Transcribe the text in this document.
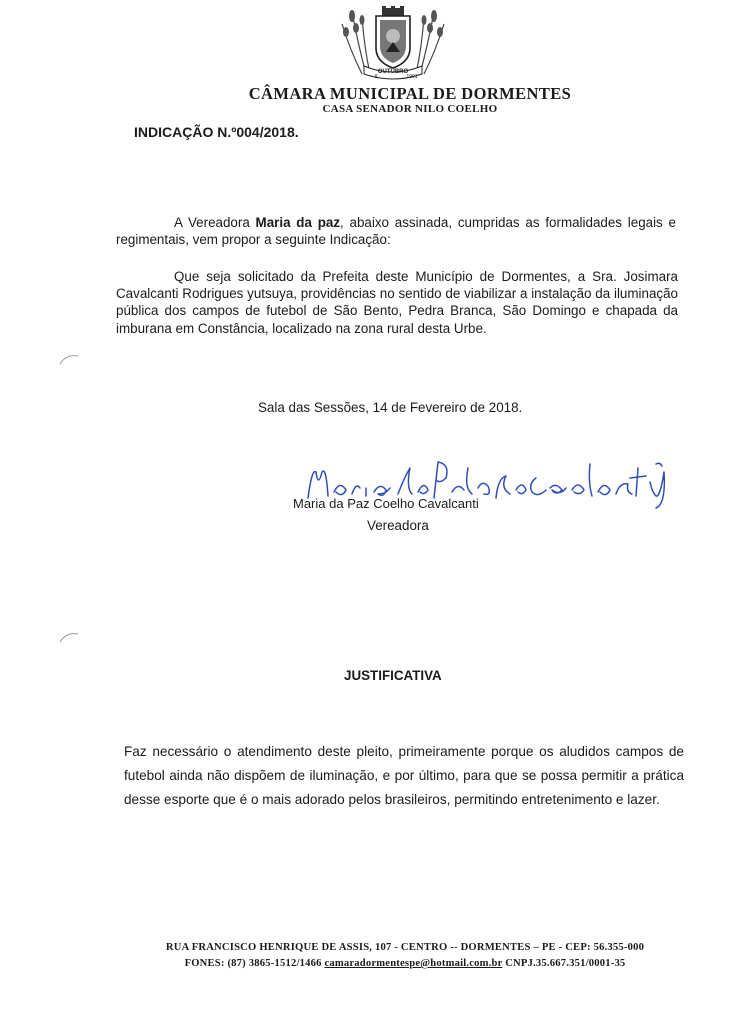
OUTUBRO
9	1991
CÂMARA MUNICIPAL DE DORMENTES
CASA SENADOR NILO COELHO
INDICAÇÃO N.º004/2018.
A Vereadora Maria da paz, abaixo assinada, cumpridas as formalidades legais e regimentais, vem propor a seguinte Indicação:
Que seja solicitado da Prefeita deste Município de Dormentes, a Sra. Josimara Cavalcanti Rodrigues yutsuya, providências no sentido de viabilizar a instalação da iluminação pública dos campos de futebol de São Bento, Pedra Branca, São Domingo e chapada da imburana em Constância, localizado na zona rural desta Urbe.
Sala das Sessões, 14 de Fevereiro de 2018.
Maria da Paz Coelho Cavalcanti
Vereadora
JUSTIFICATIVA
Faz necessário o atendimento deste pleito, primeiramente porque os aludidos campos de futebol ainda não dispõem de iluminação, e por último, para que se possa permitir a prática desse esporte que é o mais adorado pelos brasileiros, permitindo entretenimento e lazer.
RUA FRANCISCO HENRIQUE DE ASSIS, 107 - CENTRO -- DORMENTES – PE - CEP: 56.355-000
FONES: (87) 3865-1512/1466 camaradormentespe@hotmail.com.br CNPJ.35.667.351/0001-35
